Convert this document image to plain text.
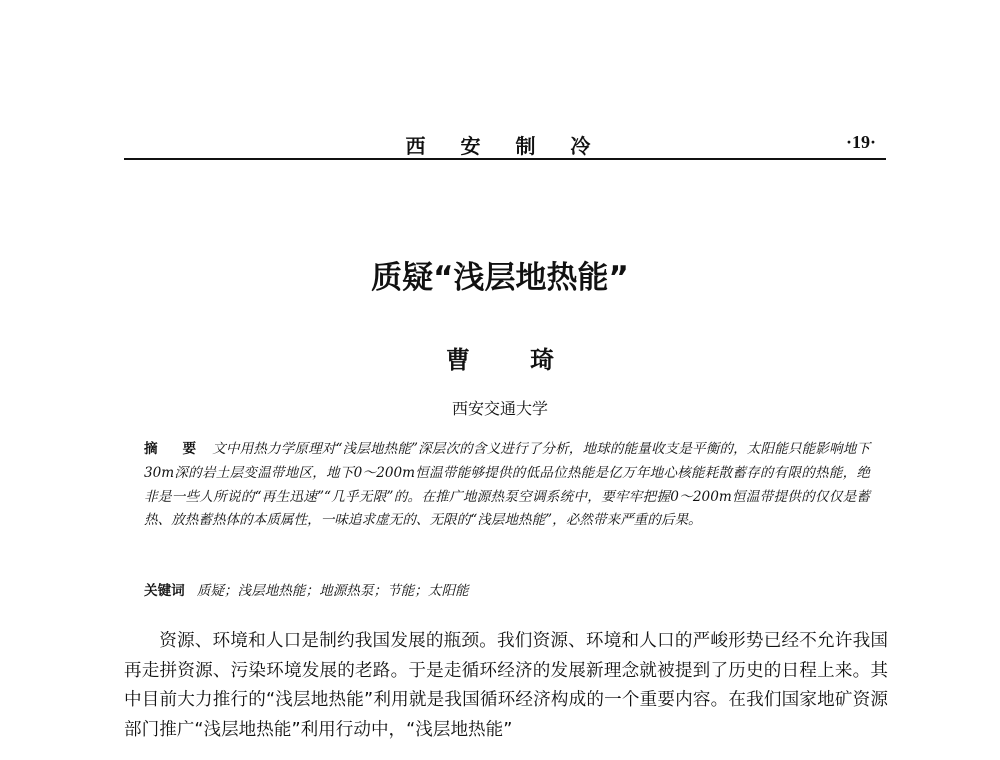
西 安 制 冷	·19·
质疑“浅层地热能”
曹 琦
西安交通大学
摘 要 文中用热力学原理对“浅层地热能”深层次的含义进行了分析，地球的能量收支是平衡的，太阳能只能影响地下30m深的岩土层变温带地区，地下0～200m恒温带能够提供的低品位热能是亿万年地心核能耗散蓄存的有限的热能，绝非是一些人所说的“再生迅速”“几乎无限”的。在推广地源热泵空调系统中，要牢牢把握0～200m恒温带提供的仅仅是蓄热、放热蓄热体的本质属性，一味追求虚无的、无限的“浅层地热能”，必然带来严重的后果。
关键词 质疑；浅层地热能；地源热泵；节能；太阳能
资源、环境和人口是制约我国发展的瓶颈。我们资源、环境和人口的严峻形势已经不允许我国再走拼资源、污染环境发展的老路。于是走循环经济的发展新理念就被提到了历史的日程上来。其中目前大力推行的“浅层地热能”利用就是我国循环经济构成的一个重要内容。在我们国家地矿资源部门推广“浅层地热能”利用行动中，“浅层地热能”
